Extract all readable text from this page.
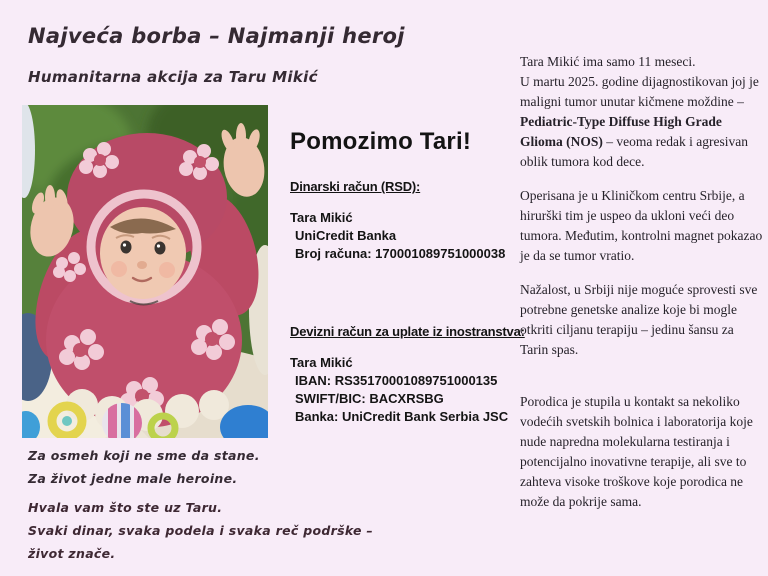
Najveća borba – Najmanji heroj
Humanitarna akcija za Taru Mikić
Pomozimo Tari!
Dinarski račun (RSD):
Tara Mikić
UniCredit Banka
Broj računa: 170001089751000038
Devizni račun za uplate iz inostranstva:
Tara Mikić
IBAN: RS35170001089751000135
SWIFT/BIC: BACXRSBG
Banka: UniCredit Bank Serbia JSC

Tara Mikić ima samo 11 meseci.
U martu 2025. godine dijagnostikovan joj je maligni tumor unutar kičmene moždine – Pediatric-Type Diffuse High Grade Glioma (NOS) – veoma redak i agresivan oblik tumora kod dece.

Operisana je u Kliničkom centru Srbije, a hirurški tim je uspeo da ukloni veći deo tumora. Međutim, kontrolni magnet pokazao je da se tumor vratio.

Nažalost, u Srbiji nije moguće sprovesti sve potrebne genetske analize koje bi mogle otkriti ciljanu terapiju – jedinu šansu za Tarin spas.

Porodica je stupila u kontakt sa nekoliko vodećih svetskih bolnica i laboratorija koje nude napredna molekularna testiranja i potencijalno inovativne terapije, ali sve to zahteva visoke troškove koje porodica ne može da pokrije sama.

Za osmeh koji ne sme da stane.
Za život jedne male heroine.
Hvala vam što ste uz Taru.
Svaki dinar, svaka podela i svaka reč podrške –
život znače.
